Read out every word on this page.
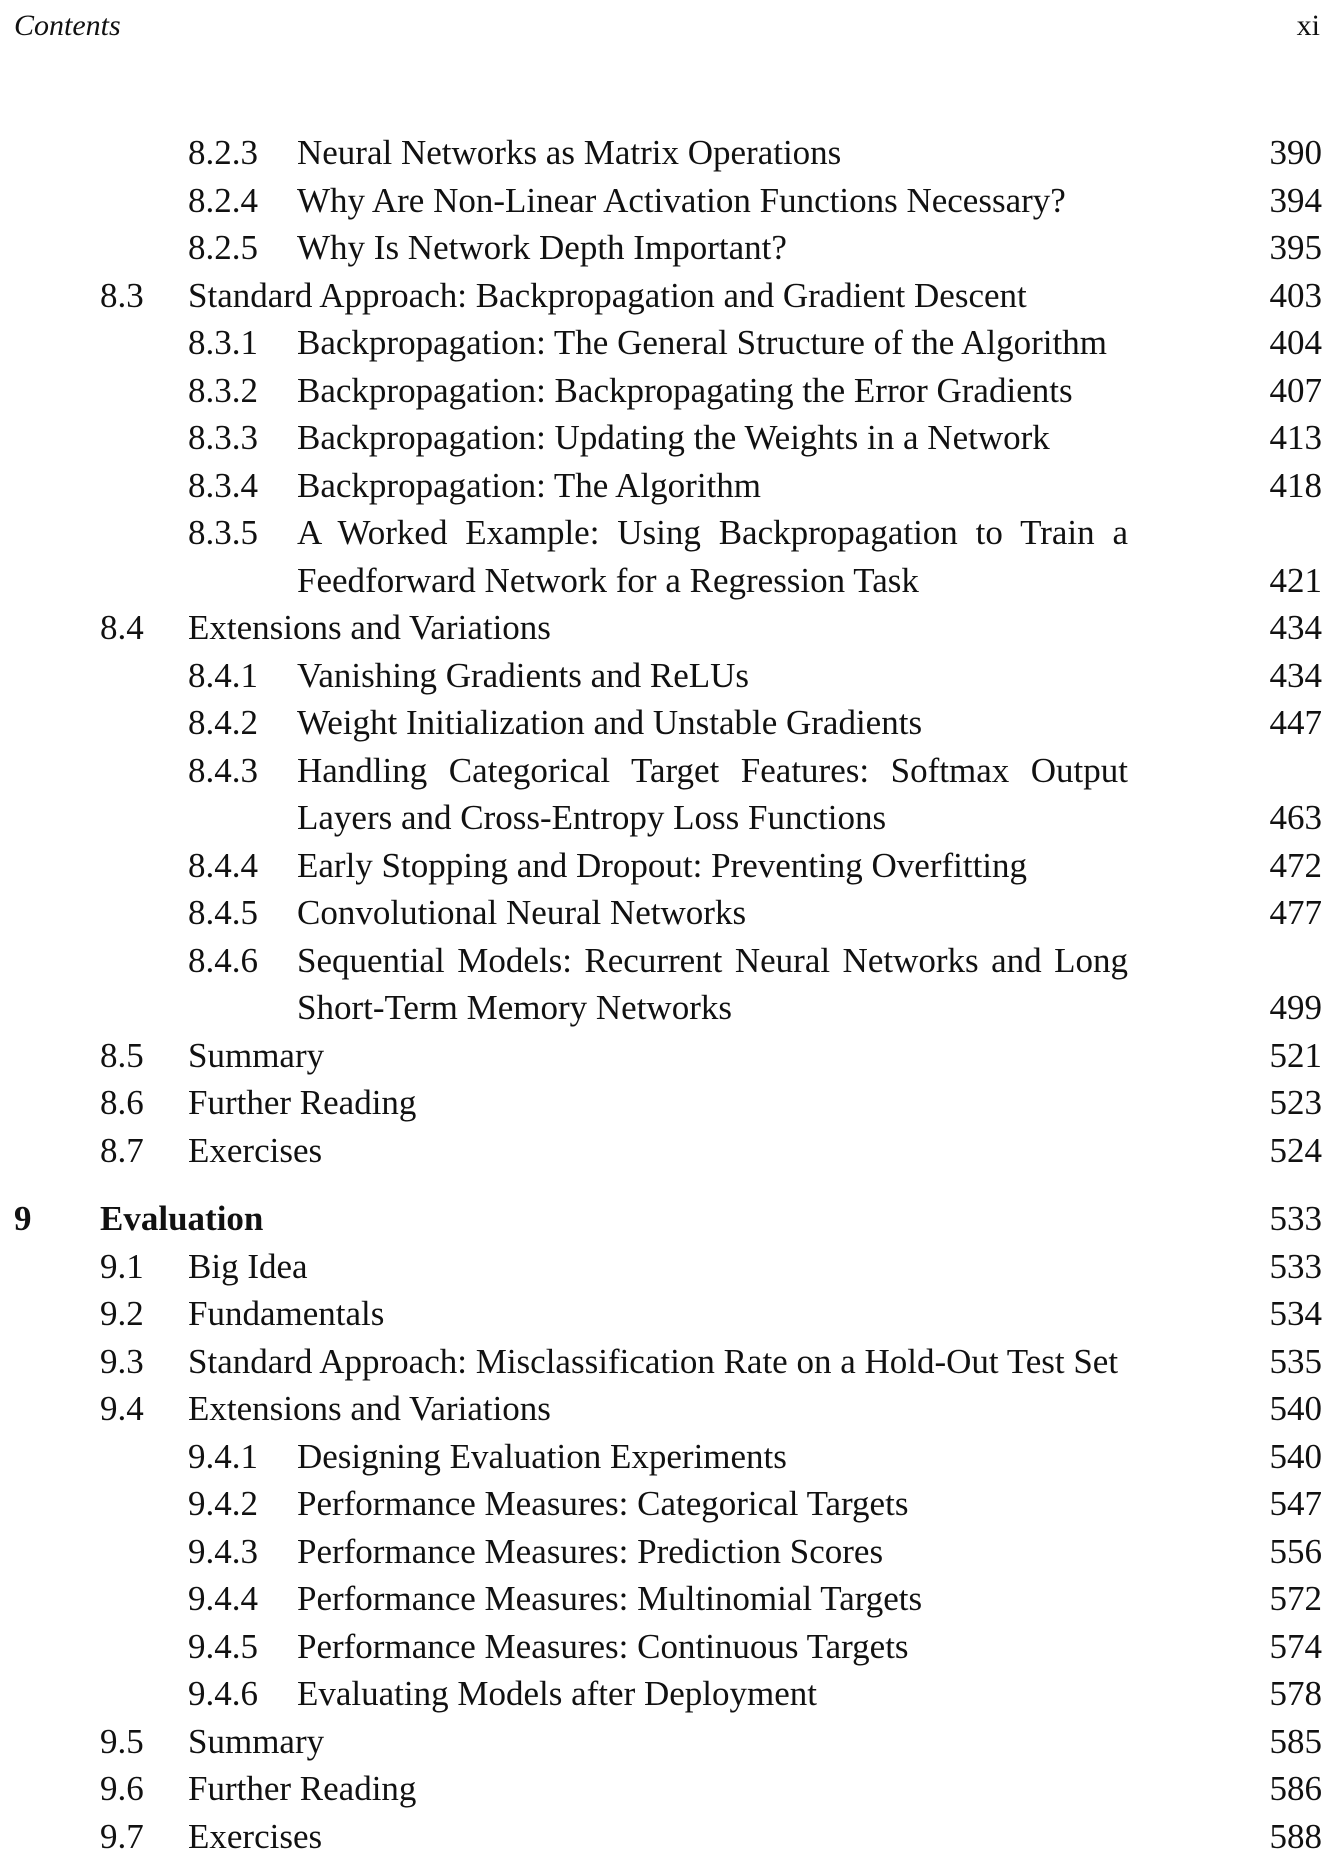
Contents	xi
8.2.3 Neural Networks as Matrix Operations	390
8.2.4 Why Are Non-Linear Activation Functions Necessary?	394
8.2.5 Why Is Network Depth Important?	395
8.3 Standard Approach: Backpropagation and Gradient Descent	403
8.3.1 Backpropagation: The General Structure of the Algorithm	404
8.3.2 Backpropagation: Backpropagating the Error Gradients	407
8.3.3 Backpropagation: Updating the Weights in a Network	413
8.3.4 Backpropagation: The Algorithm	418
8.3.5 A Worked Example: Using Backpropagation to Train a
Feedforward Network for a Regression Task	421
8.4 Extensions and Variations	434
8.4.1 Vanishing Gradients and ReLUs	434
8.4.2 Weight Initialization and Unstable Gradients	447
8.4.3 Handling Categorical Target Features: Softmax Output
Layers and Cross-Entropy Loss Functions	463
8.4.4 Early Stopping and Dropout: Preventing Overfitting	472
8.4.5 Convolutional Neural Networks	477
8.4.6 Sequential Models: Recurrent Neural Networks and Long
Short-Term Memory Networks	499
8.5 Summary	521
8.6 Further Reading	523
8.7 Exercises	524
9 Evaluation	533
9.1 Big Idea	533
9.2 Fundamentals	534
9.3 Standard Approach: Misclassification Rate on a Hold-Out Test Set	535
9.4 Extensions and Variations	540
9.4.1 Designing Evaluation Experiments	540
9.4.2 Performance Measures: Categorical Targets	547
9.4.3 Performance Measures: Prediction Scores	556
9.4.4 Performance Measures: Multinomial Targets	572
9.4.5 Performance Measures: Continuous Targets	574
9.4.6 Evaluating Models after Deployment	578
9.5 Summary	585
9.6 Further Reading	586
9.7 Exercises	588
